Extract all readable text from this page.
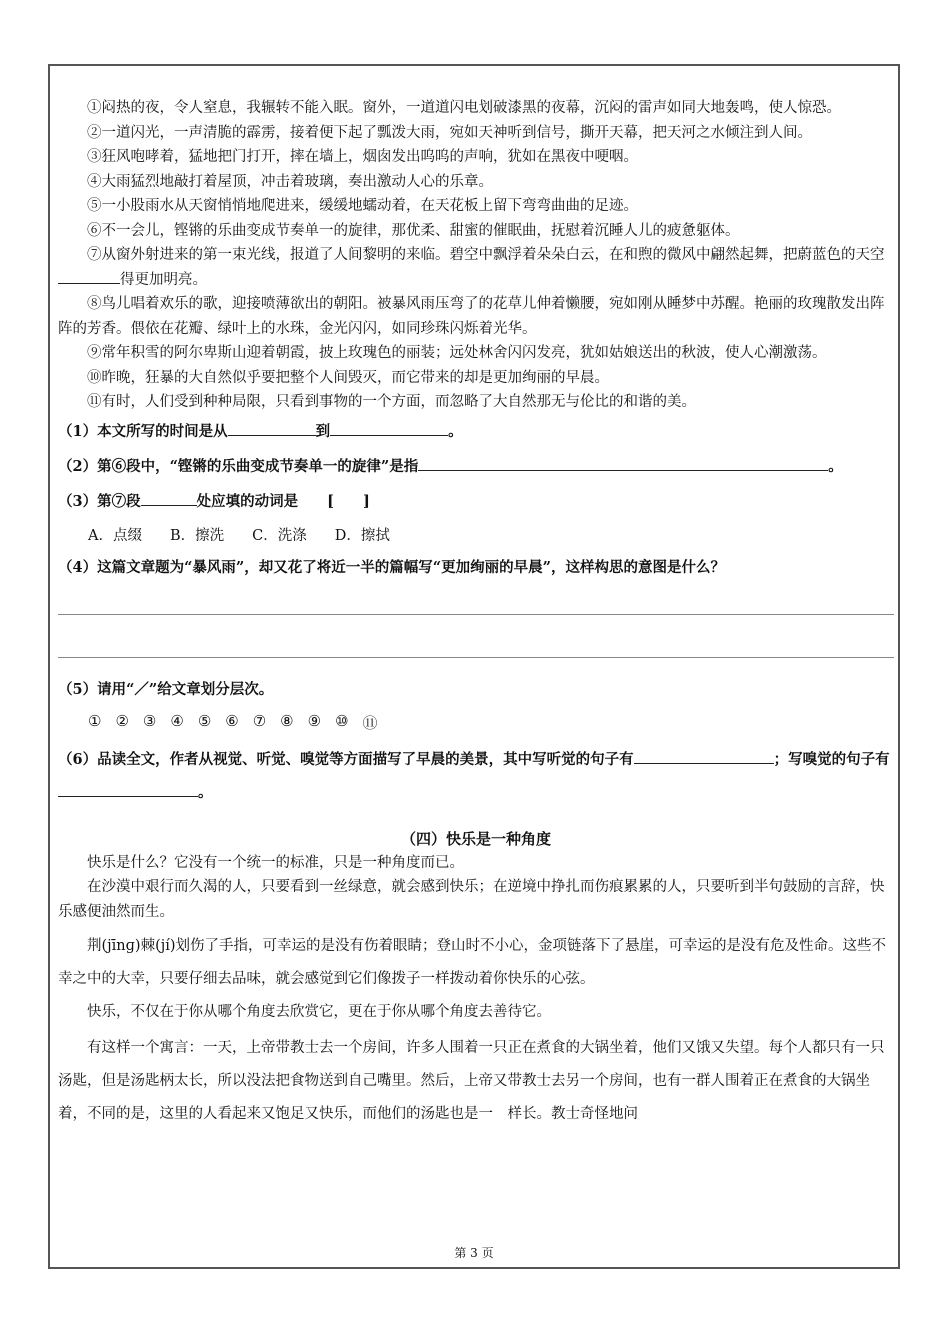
①闷热的夜，令人窒息，我辗转不能入眠。窗外，一道道闪电划破漆黑的夜幕，沉闷的雷声如同大地轰鸣，使人惊恐。

②一道闪光，一声清脆的霹雳，接着便下起了瓢泼大雨，宛如天神听到信号，撕开天幕，把天河之水倾注到人间。

③狂风咆哮着，猛地把门打开，摔在墙上，烟囱发出呜呜的声响，犹如在黑夜中哽咽。

④大雨猛烈地敲打着屋顶，冲击着玻璃，奏出激动人心的乐章。

⑤一小股雨水从天窗悄悄地爬进来，缓缓地蠕动着，在天花板上留下弯弯曲曲的足迹。

⑥不一会儿，铿锵的乐曲变成节奏单一的旋律，那优柔、甜蜜的催眠曲，抚慰着沉睡人儿的疲惫躯体。

⑦从窗外射进来的第一束光线，报道了人间黎明的来临。碧空中飘浮着朵朵白云，在和煦的微风中翩然起舞，把蔚蓝色的天空得更加明亮。

⑧鸟儿唱着欢乐的歌，迎接喷薄欲出的朝阳。被暴风雨压弯了的花草儿伸着懒腰，宛如刚从睡梦中苏醒。艳丽的玫瑰散发出阵阵的芳香。偎依在花瓣、绿叶上的水珠，金光闪闪，如同珍珠闪烁着光华。

⑨常年积雪的阿尔卑斯山迎着朝霞，披上玫瑰色的丽装；远处林舍闪闪发亮，犹如姑娘送出的秋波，使人心潮激荡。

⑩昨晚，狂暴的大自然似乎要把整个人间毁灭，而它带来的却是更加绚丽的早晨。

⑪有时，人们受到种种局限，只看到事物的一个方面，而忽略了大自然那无与伦比的和谐的美。

（1）本文所写的时间是从	到	。

（2）第⑥段中，“铿锵的乐曲变成节奏单一的旋律”是指	。

（3）第⑦段	处应填的动词是　　 [　　]

A．点缀 B．擦洗 C．洗涤 D．擦拭

（4）这篇文章题为“暴风雨”，却又花了将近一半的篇幅写“更加绚丽的早晨”，这样构思的意图是什么？

（5）请用“／”给文章划分层次。

① ② ③ ④ ⑤ ⑥ ⑦ ⑧ ⑨ ⑩ ⑪

（6）品读全文，作者从视觉、听觉、嗅觉等方面描写了早晨的美景，其中写听觉的句子有	；写嗅觉的句子有。

（四）快乐是一种角度

快乐是什么？它没有一个统一的标准，只是一种角度而已。

在沙漠中艰行而久渴的人，只要看到一丝绿意，就会感到快乐；在逆境中挣扎而伤痕累累的人，只要听到半句鼓励的言辞，快乐感便油然而生。

荆(jīnɡ)棘(jí)划伤了手指，可幸运的是没有伤着眼睛；登山时不小心，金项链落下了悬崖，可幸运的是没有危及性命。这些不幸之中的大幸，只要仔细去品味，就会感觉到它们像拨子一样拨动着你快乐的心弦。

快乐，不仅在于你从哪个角度去欣赏它，更在于你从哪个角度去善待它。

有这样一个寓言：一天，上帝带教士去一个房间，许多人围着一只正在煮食的大锅坐着，他们又饿又失望。每个人都只有一只汤匙，但是汤匙柄太长，所以没法把食物送到自己嘴里。然后，上帝又带教士去另一个房间，也有一群人围着正在煮食的大锅坐着，不同的是，这里的人看起来又饱足又快乐，而他们的汤匙也是一　样长。教士奇怪地问

第 3 页
